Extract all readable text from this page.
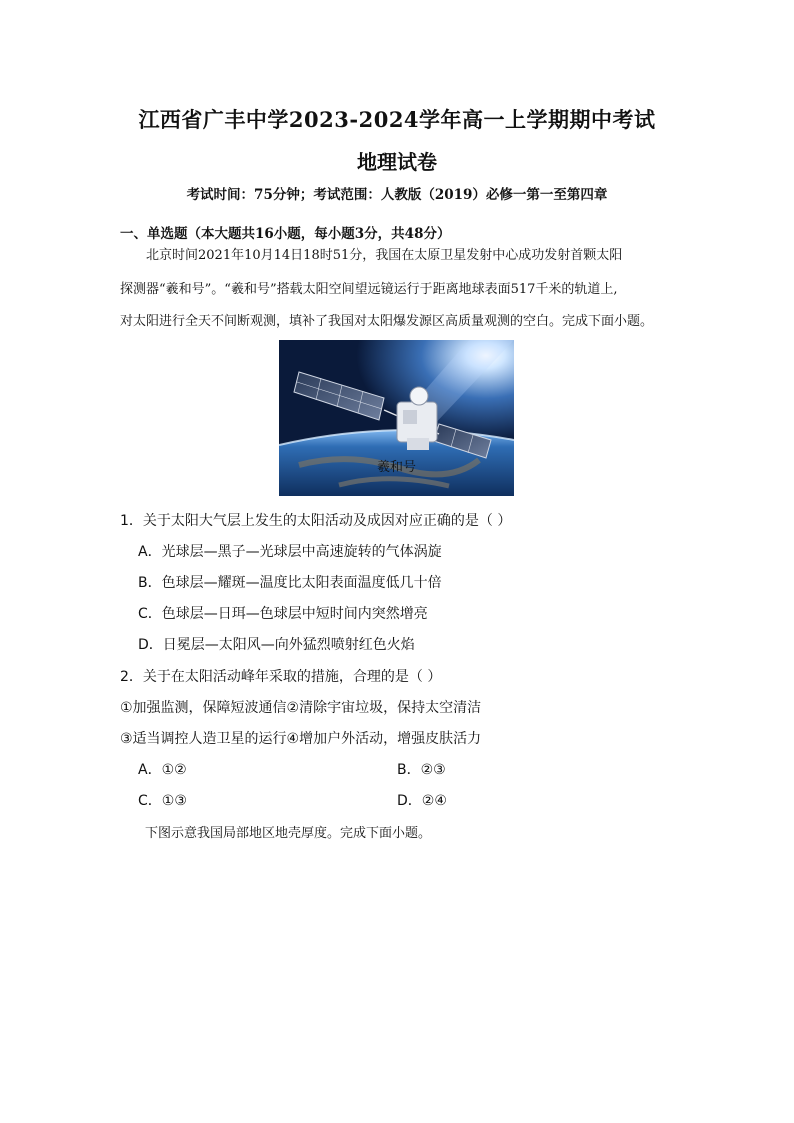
江西省广丰中学2023-2024学年高一上学期期中考试
地理试卷
考试时间：75分钟；考试范围：人教版（2019）必修一第一至第四章
一、单选题（本大题共16小题，每小题3分，共48分）
北京时间2021年10月14日18时51分，我国在太原卫星发射中心成功发射首颗太阳
探测器“羲和号”。“羲和号”搭载太阳空间望远镜运行于距离地球表面517千米的轨道上,
对太阳进行全天不间断观测，填补了我国对太阳爆发源区高质量观测的空白。完成下面小题。
羲和号
1．关于太阳大气层上发生的太阳活动及成因对应正确的是（ ）
A．光球层—黑子—光球层中高速旋转的气体涡旋
B．色球层—耀斑—温度比太阳表面温度低几十倍
C．色球层—日珥—色球层中短时间内突然增亮
D．日冕层—太阳风—向外猛烈喷射红色火焰
2．关于在太阳活动峰年采取的措施，合理的是（ ）
①加强监测，保障短波通信②清除宇宙垃圾，保持太空清洁
③适当调控人造卫星的运行④增加户外活动，增强皮肤活力
A．①②	B．②③
C．①③	D．②④
下图示意我国局部地区地壳厚度。完成下面小题。
